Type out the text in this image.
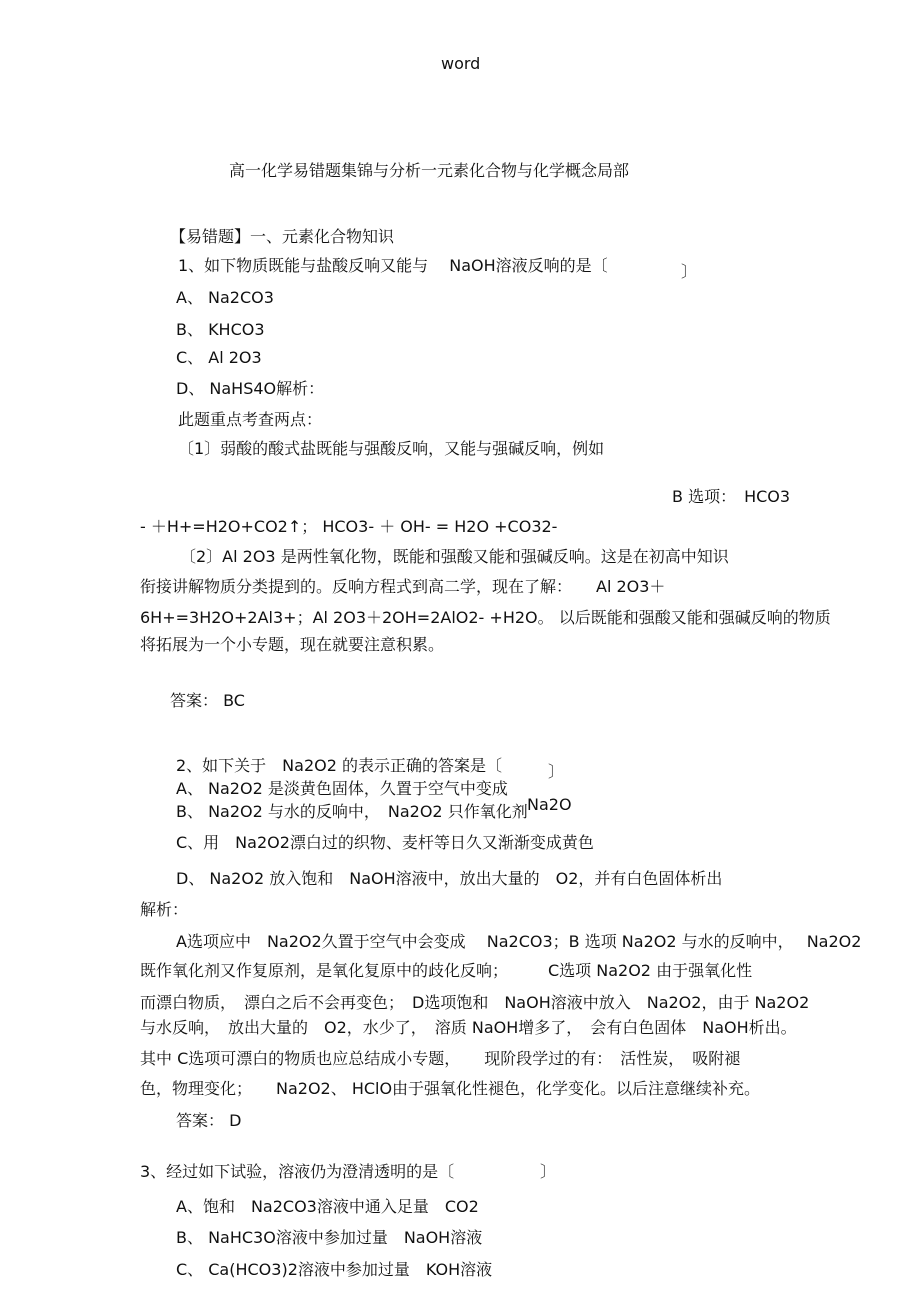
word
高一化学易错题集锦与分析一元素化合物与化学概念局部
【易错题】一、元素化合物知识
1、如下物质既能与盐酸反响又能与　 NaOH溶液反响的是〔	〕
A、 Na2CO3
B、 KHCO3
C、 Al 2O3
D、 NaHS4O解析：
此题重点考查两点：
〔1〕弱酸的酸式盐既能与强酸反响，又能与强碱反响，例如
B 选项：　HCO3
- ＋H+=H2O+CO2↑； HCO3- ＋ OH- = H2O +CO32-
〔2〕Al 2O3 是两性氧化物，既能和强酸又能和强碱反响。这是在初高中知识
衔接讲解物质分类提到的。反响方程式到高二学，现在了解：　　Al 2O3＋
6H+=3H2O+2Al3+；Al 2O3＋2OH=2AlO2- +H2O。 以后既能和强酸又能和强碱反响的物质
将拓展为一个小专题，现在就要注意积累。
答案： BC
2、如下关于　Na2O2 的表示正确的答案是〔	〕
A、 Na2O2 是淡黄色固体，久置于空气中变成
Na2O
B、 Na2O2 与水的反响中，　Na2O2 只作氧化剂
C、用　Na2O2漂白过的织物、麦杆等日久又渐渐变成黄色
D、 Na2O2 放入饱和　NaOH溶液中，放出大量的　O2，并有白色固体析出
解析：
A选项应中　Na2O2久置于空气中会变成　 Na2CO3；B 选项 Na2O2 与水的反响中，　 Na2O2
既作氧化剂又作复原剂，是氧化复原中的歧化反响；　　　C选项 Na2O2 由于强氧化性
而漂白物质，　漂白之后不会再变色；　D选项饱和　NaOH溶液中放入　Na2O2，由于 Na2O2
与水反响，　放出大量的　O2，水少了，　溶质 NaOH增多了，　会有白色固体　NaOH析出。
其中 C选项可漂白的物质也应总结成小专题，　　现阶段学过的有：　活性炭，　吸附褪
色，物理变化；　　Na2O2、 HClO由于强氧化性褪色，化学变化。以后注意继续补充。
答案： D
3、经过如下试验，溶液仍为澄清透明的是〔	〕
A、饱和　Na2CO3溶液中通入足量　CO2
B、 NaHC3O溶液中参加过量　NaOH溶液
C、 Ca(HCO3)2溶液中参加过量　KOH溶液
